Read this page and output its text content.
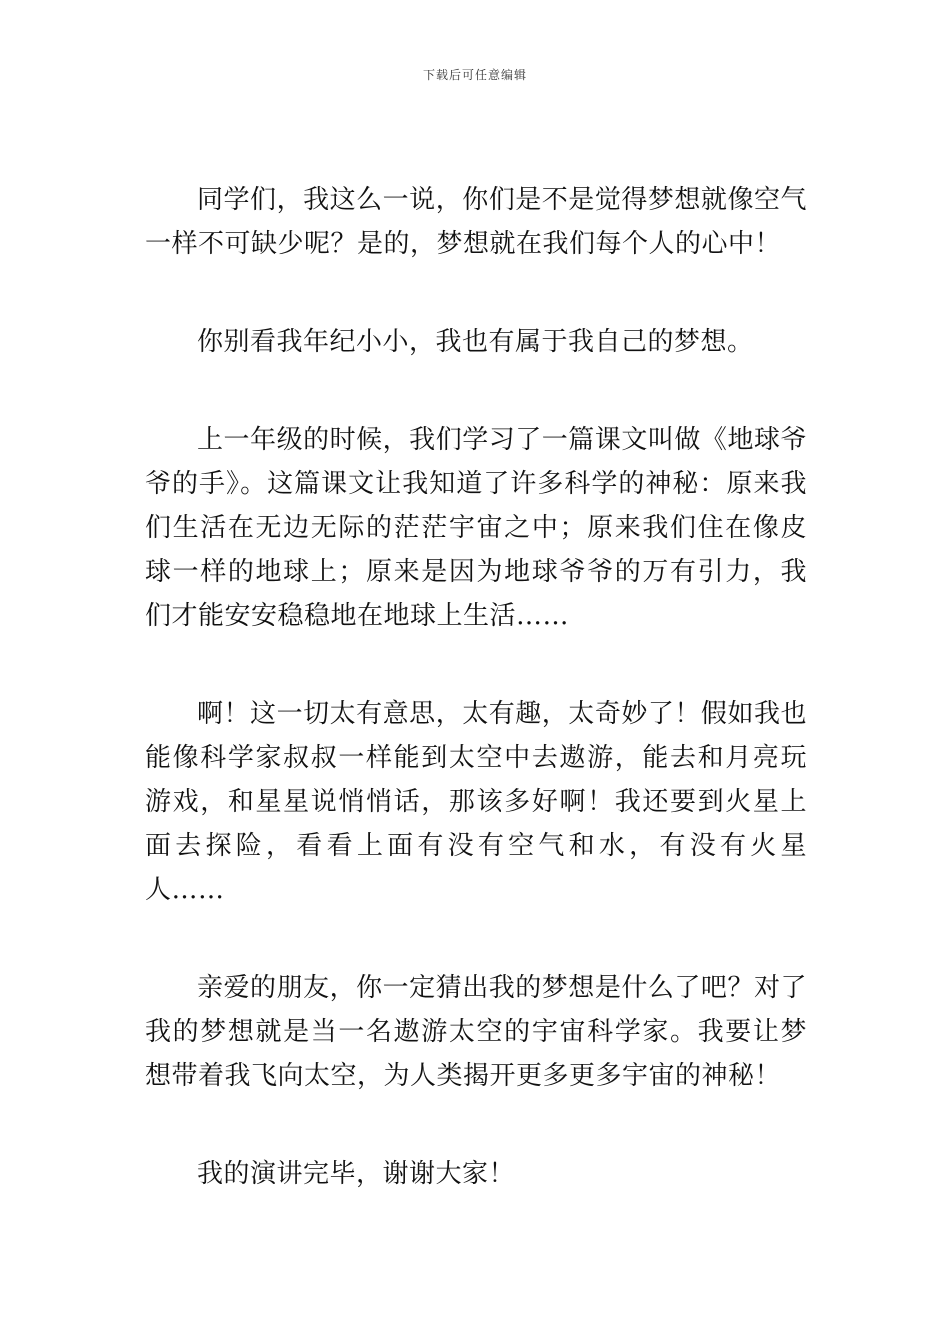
下载后可任意编辑

同学们，我这么一说，你们是不是觉得梦想就像空气一样不可缺少呢？是的，梦想就在我们每个人的心中！

你别看我年纪小小，我也有属于我自己的梦想。

上一年级的时候，我们学习了一篇课文叫做《地球爷爷的手》。这篇课文让我知道了许多科学的神秘：原来我们生活在无边无际的茫茫宇宙之中；原来我们住在像皮球一样的地球上；原来是因为地球爷爷的万有引力，我们才能安安稳稳地在地球上生活……

啊！这一切太有意思，太有趣，太奇妙了！假如我也能像科学家叔叔一样能到太空中去遨游，能去和月亮玩游戏，和星星说悄悄话，那该多好啊！我还要到火星上面去探险，看看上面有没有空气和水，有没有火星人……

亲爱的朋友，你一定猜出我的梦想是什么了吧？对了我的梦想就是当一名遨游太空的宇宙科学家。我要让梦想带着我飞向太空，为人类揭开更多更多宇宙的神秘！

我的演讲完毕，谢谢大家！
